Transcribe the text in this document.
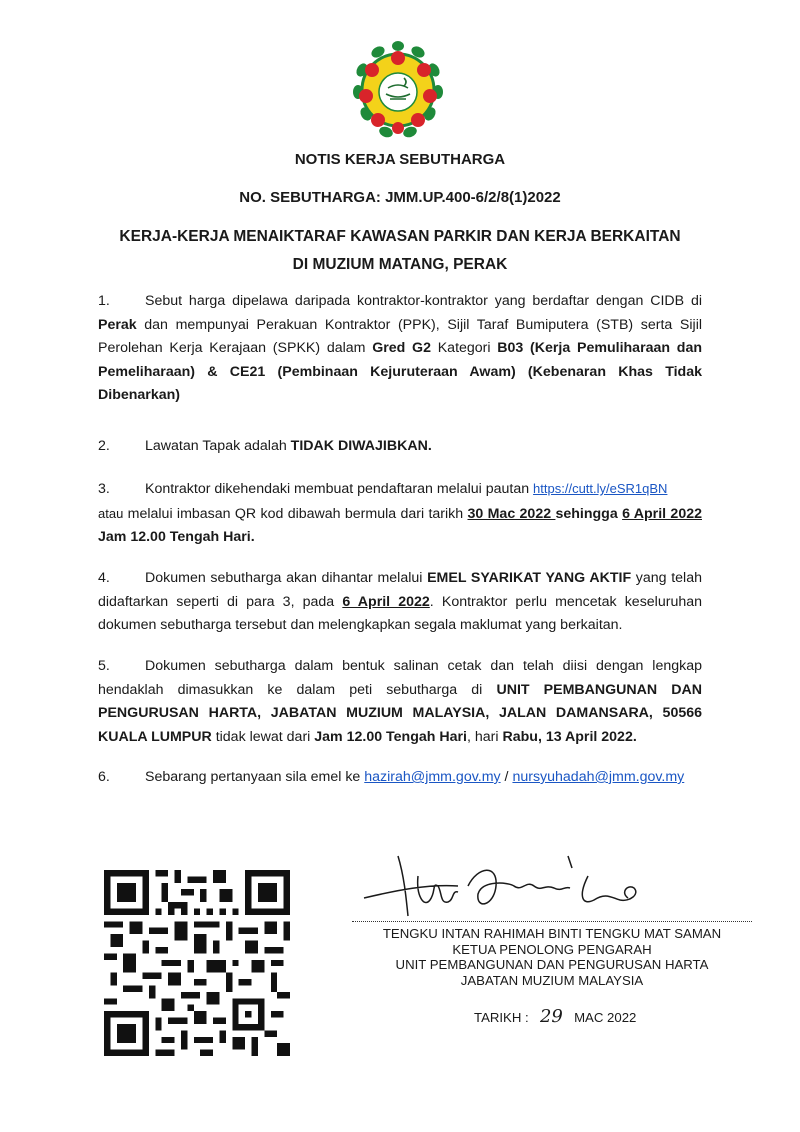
NOTIS KERJA SEBUTHARGA
NO. SEBUTHARGA: JMM.UP.400-6/2/8(1)2022
KERJA-KERJA MENAIKTARAF KAWASAN PARKIR DAN KERJA BERKAITAN
DI MUZIUM MATANG, PERAK
1. Sebut harga dipelawa daripada kontraktor-kontraktor yang berdaftar dengan CIDB di Perak dan mempunyai Perakuan Kontraktor (PPK), Sijil Taraf Bumiputera (STB) serta Sijil Perolehan Kerja Kerajaan (SPKK) dalam Gred G2 Kategori B03 (Kerja Pemuliharaan dan Pemeliharaan) & CE21 (Pembinaan Kejuruteraan Awam) (Kebenaran Khas Tidak Dibenarkan)
2. Lawatan Tapak adalah TIDAK DIWAJIBKAN.
3. Kontraktor dikehendaki membuat pendaftaran melalui pautan https://cutt.ly/eSR1qBN
atau melalui imbasan QR kod dibawah bermula dari tarikh 30 Mac 2022 sehingga 6 April 2022 Jam 12.00 Tengah Hari.
4. Dokumen sebutharga akan dihantar melalui EMEL SYARIKAT YANG AKTIF yang telah didaftarkan seperti di para 3, pada 6 April 2022. Kontraktor perlu mencetak keseluruhan dokumen sebutharga tersebut dan melengkapkan segala maklumat yang berkaitan.
5. Dokumen sebutharga dalam bentuk salinan cetak dan telah diisi dengan lengkap hendaklah dimasukkan ke dalam peti sebutharga di UNIT PEMBANGUNAN DAN PENGURUSAN HARTA, JABATAN MUZIUM MALAYSIA, JALAN DAMANSARA, 50566 KUALA LUMPUR tidak lewat dari Jam 12.00 Tengah Hari, hari Rabu, 13 April 2022.
6. Sebarang pertanyaan sila emel ke hazirah@jmm.gov.my / nursyuhadah@jmm.gov.my
TENGKU INTAN RAHIMAH BINTI TENGKU MAT SAMAN
KETUA PENOLONG PENGARAH
UNIT PEMBANGUNAN DAN PENGURUSAN HARTA
JABATAN MUZIUM MALAYSIA
TARIKH : 29 MAC 2022
